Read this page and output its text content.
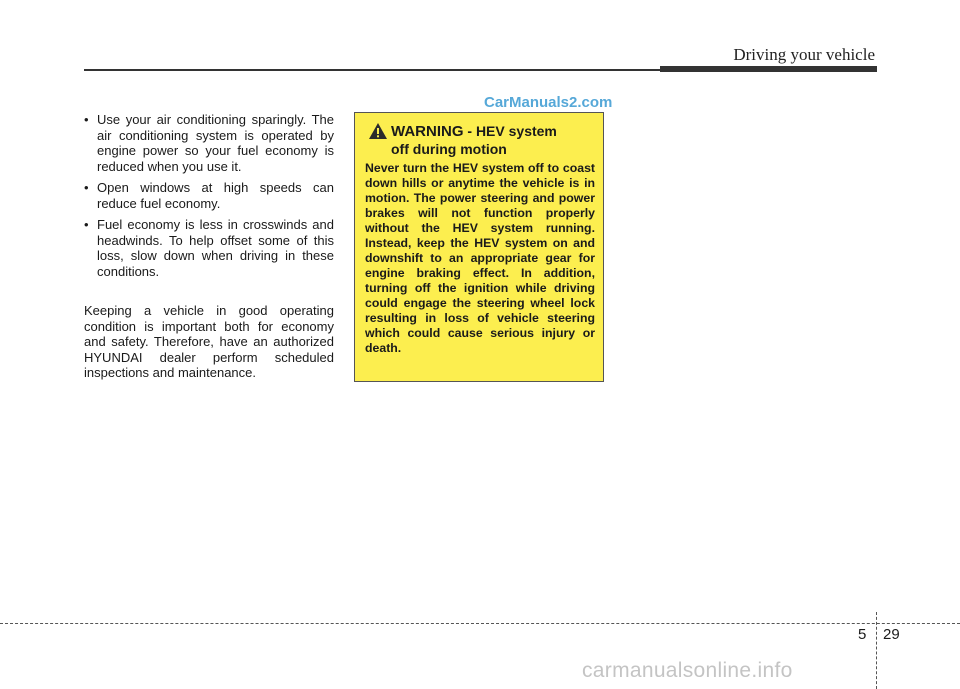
Driving your vehicle
CarManuals2.com
• Use your air conditioning sparingly. The air conditioning system is operated by engine power so your fuel economy is reduced when you use it.
• Open windows at high speeds can reduce fuel economy.
• Fuel economy is less in crosswinds and headwinds. To help offset some of this loss, slow down when driving in these conditions.
Keeping a vehicle in good operating condition is important both for economy and safety. Therefore, have an authorized HYUNDAI dealer perform scheduled inspections and maintenance.
WARNING - HEV system
off during motion
Never turn the HEV system off to coast down hills or anytime the vehicle is in motion. The power steering and power brakes will not function properly without the HEV system running. Instead, keep the HEV system on and downshift to an appropriate gear for engine braking effect. In addition, turning off the ignition while driving could engage the steering wheel lock resulting in loss of vehicle steering which could cause serious injury or death.
5 29
carmanualsonline.info
